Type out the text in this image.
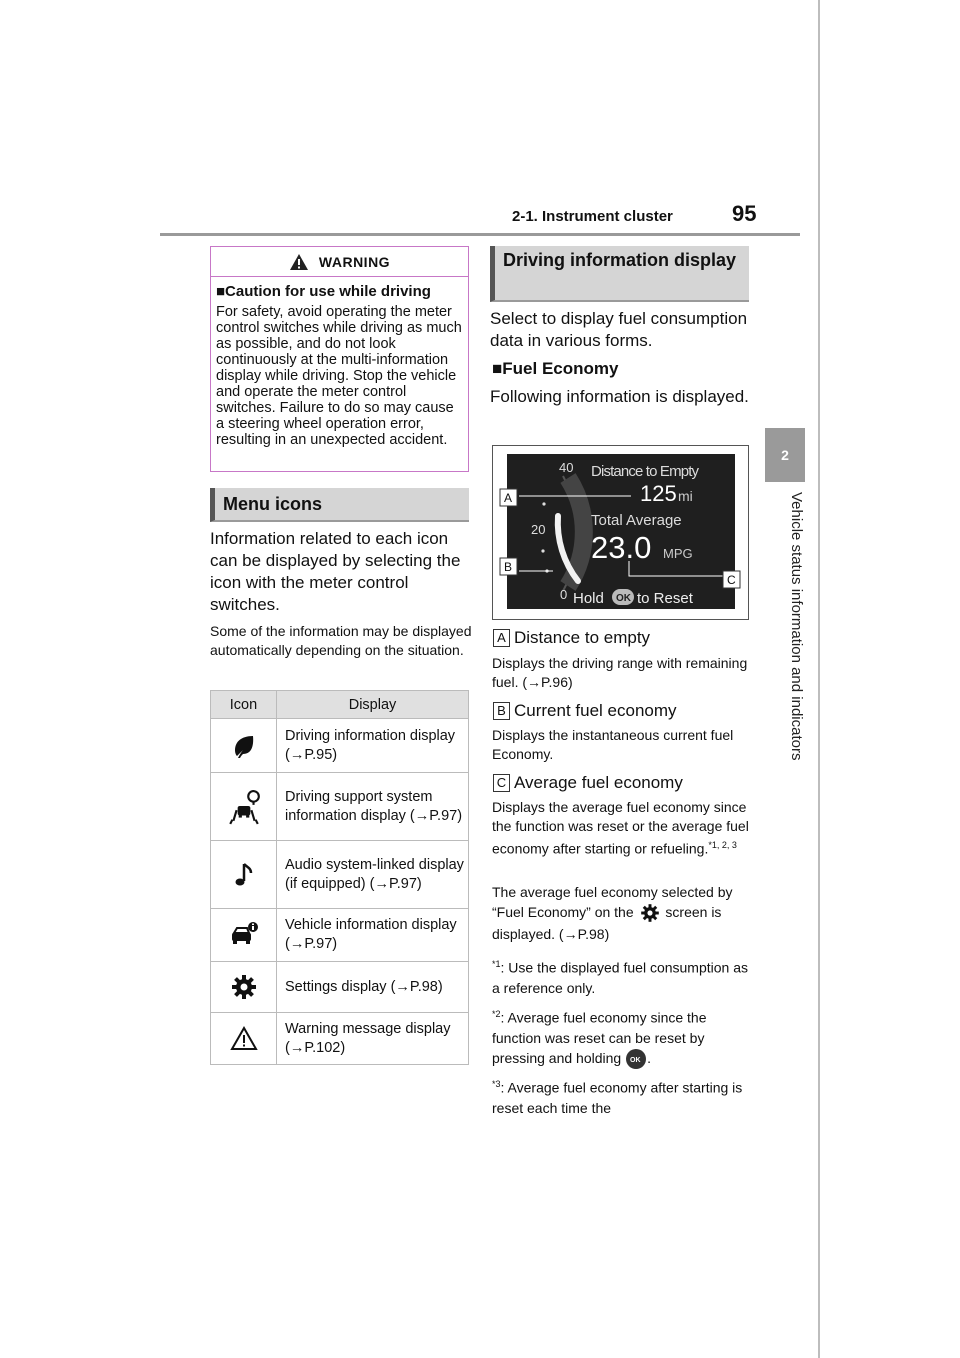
2-1. Instrument cluster	95
2
Vehicle status information and indicators
WARNING
■Caution for use while driving
For safety, avoid operating the meter control switches while driving as much as possible, and do not look continuously at the multi-information display while driving. Stop the vehicle and operate the meter control switches. Failure to do so may cause a steering wheel operation error, resulting in an unexpected accident.
Menu icons
Information related to each icon can be displayed by selecting the icon with the meter control switches.
Some of the information may be displayed automatically depending on the situation.
Icon	Display
	Driving information display (→P.95)
	Driving support system information display (→P.97)
	Audio system-linked display (if equipped) (→P.97)
	Vehicle information display (→P.97)
	Settings display (→P.98)
	Warning message display (→P.102)
Driving information display
Select to display fuel consumption data in various forms.
■Fuel Economy
Following information is displayed.
40
20
0
Distance to Empty
125 mi
Total Average
23.0 MPG
Hold OK to Reset
A
B
C
A Distance to empty
Displays the driving range with remaining fuel. (→P.96)
B Current fuel economy
Displays the instantaneous current fuel Economy.
C Average fuel economy
Displays the average fuel economy since the function was reset or the average fuel economy after starting or refueling.$^{*1, 2, 3}$
The average fuel economy selected by “Fuel Economy” on the screen is displayed. (→P.98)
$^{*1}$: Use the displayed fuel consumption as a reference only.
$^{*2}$: Average fuel economy since the function was reset can be reset by pressing and holding OK .
$^{*3}$: Average fuel economy after starting is reset each time the
